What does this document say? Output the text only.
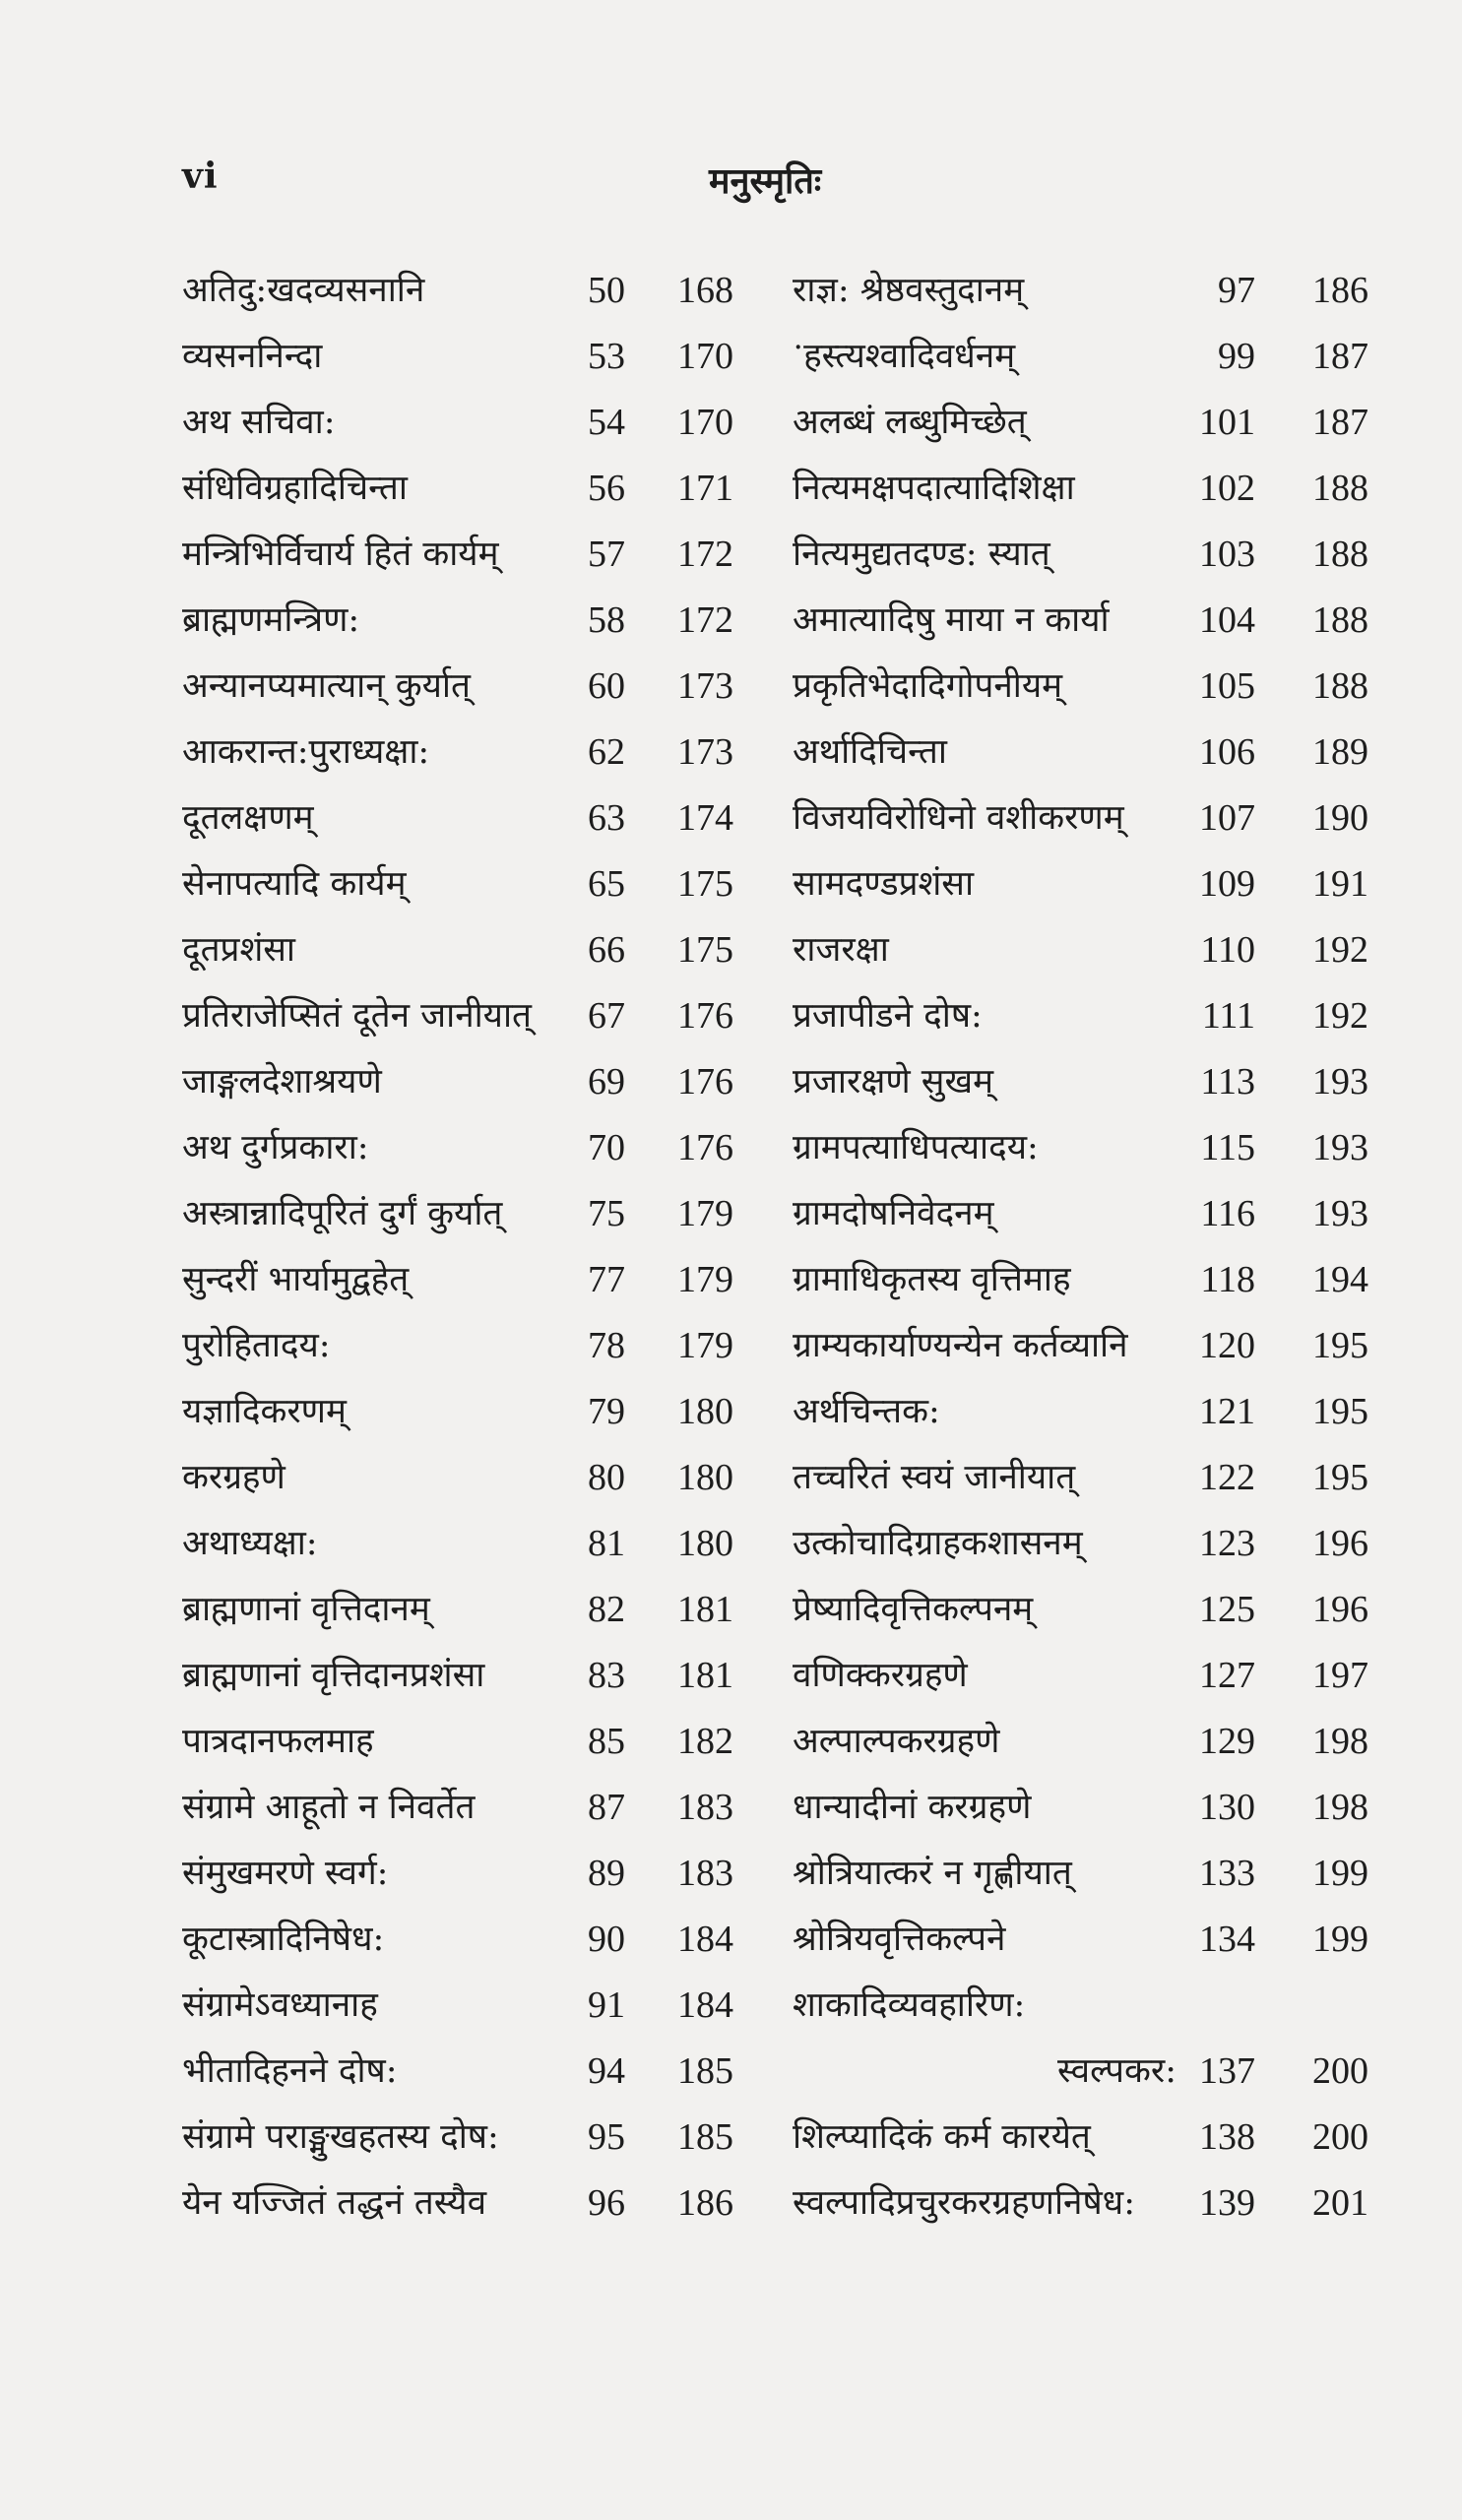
vi	मनुस्मृतिः
अतिदु:खदव्यसनानि	50	168
व्यसननिन्दा	53	170
अथ सचिवा:	54	170
संधिविग्रहादिचिन्ता	56	171
मन्त्रिभिर्विचार्य हितं कार्यम्	57	172
ब्राह्मणमन्त्रिण:	58	172
अन्यानप्यमात्यान् कुर्यात्	60	173
आकरान्त:पुराध्यक्षा:	62	173
दूतलक्षणम्	63	174
सेनापत्यादि कार्यम्	65	175
दूतप्रशंसा	66	175
प्रतिराजेप्सितं दूतेन जानीयात्	67	176
जाङ्गलदेशाश्रयणे	69	176
अथ दुर्गप्रकारा:	70	176
अस्त्रान्नादिपूरितं दुर्गं कुर्यात्	75	179
सुन्दरीं भार्यामुद्वहेत्	77	179
पुरोहितादय:	78	179
यज्ञादिकरणम्	79	180
करग्रहणे	80	180
अथाध्यक्षा:	81	180
ब्राह्मणानां वृत्तिदानम्	82	181
ब्राह्मणानां वृत्तिदानप्रशंसा	83	181
पात्रदानफलमाह	85	182
संग्रामे आहूतो न निवर्तेत	87	183
संमुखमरणे स्वर्ग:	89	183
कूटास्त्रादिनिषेध:	90	184
संग्रामेऽवध्यानाह	91	184
भीतादिहनने दोष:	94	185
संग्रामे पराङ्मुखहतस्य दोष:	95	185
येन यज्जितं तद्धनं तस्यैव	96	186
राज्ञ: श्रेष्ठवस्तुदानम्	97	186
ॱहस्त्यश्वादिवर्धनम्	99	187
अलब्धं लब्धुमिच्छेत्	101	187
नित्यमक्षपदात्यादिशिक्षा	102	188
नित्यमुद्यतदण्ड: स्यात्	103	188
अमात्यादिषु माया न कार्या	104	188
प्रकृतिभेदादिगोपनीयम्	105	188
अर्थादिचिन्ता	106	189
विजयविरोधिनो वशीकरणम्	107	190
सामदण्डप्रशंसा	109	191
राजरक्षा	110	192
प्रजापीडने दोष:	111	192
प्रजारक्षणे सुखम्	113	193
ग्रामपत्याधिपत्यादय:	115	193
ग्रामदोषनिवेदनम्	116	193
ग्रामाधिकृतस्य वृत्तिमाह	118	194
ग्राम्यकार्याण्यन्येन कर्तव्यानि	120	195
अर्थचिन्तक:	121	195
तच्चरितं स्वयं जानीयात्	122	195
उत्कोचादिग्राहकशासनम्	123	196
प्रेष्यादिवृत्तिकल्पनम्	125	196
वणिक्करग्रहणे	127	197
अल्पाल्पकरग्रहणे	129	198
धान्यादीनां करग्रहणे	130	198
श्रोत्रियात्करं न गृह्णीयात्	133	199
श्रोत्रियवृत्तिकल्पने	134	199
शाकादिव्यवहारिण:
स्वल्पकर: 137	200
शिल्प्यादिकं कर्म कारयेत्	138	200
स्वल्पादिप्रचुरकरग्रहणनिषेध:	139	201
